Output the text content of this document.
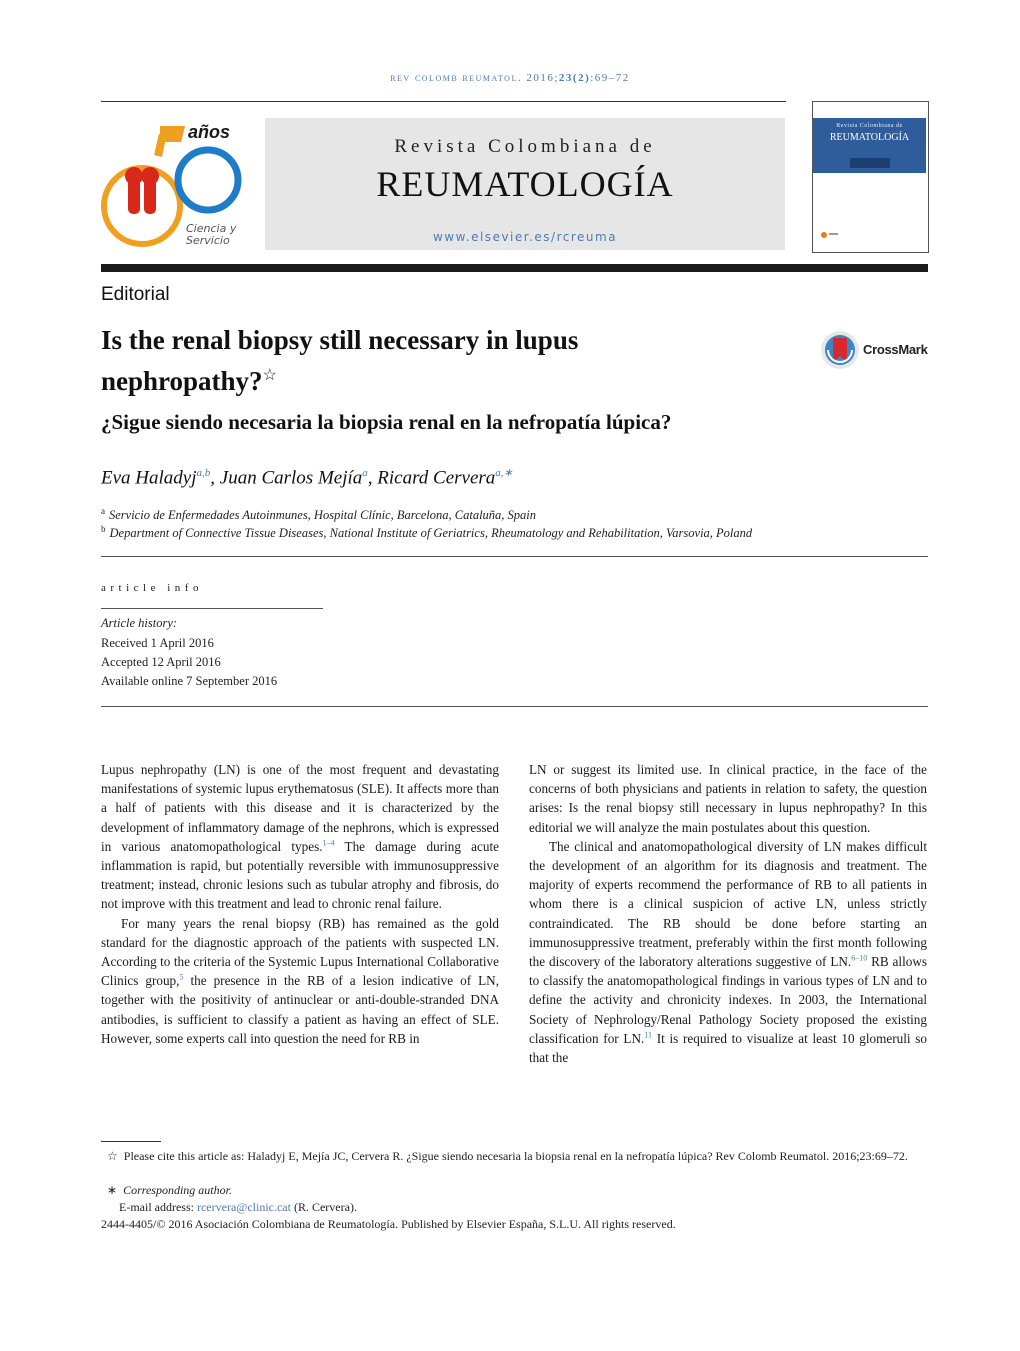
rev colomb reumatol. 2016;23(2):69–72
años
Ciencia y
Servicio
Revista Colombiana de
REUMATOLOGÍA
www.elsevier.es/rcreuma
Revista Colombiana de
REUMATOLOGÍA
Editorial
Is the renal biopsy still necessary in lupus nephropathy?☆
CrossMark
¿Sigue siendo necesaria la biopsia renal en la nefropatía lúpica?
Eva Haladyj$^{a,b}$, Juan Carlos Mejía$^a$, Ricard Cervera$^{a,∗}$
$^a$ Servicio de Enfermedades Autoinmunes, Hospital Clínic, Barcelona, Cataluña, Spain
$^b$ Department of Connective Tissue Diseases, National Institute of Geriatrics, Rheumatology and Rehabilitation, Varsovia, Poland
article info
Article history:
Received 1 April 2016
Accepted 12 April 2016
Available online 7 September 2016

Lupus nephropathy (LN) is one of the most frequent and devastating manifestations of systemic lupus erythematosus (SLE). It affects more than a half of patients with this disease and it is characterized by the development of inflammatory damage of the nephrons, which is expressed in various anatomopathological types.$^{1-4}$ The damage during acute inflammation is rapid, but potentially reversible with immunosuppressive treatment; instead, chronic lesions such as tubular atrophy and fibrosis, do not improve with this treatment and lead to chronic renal failure.

For many years the renal biopsy (RB) has remained as the gold standard for the diagnostic approach of the patients with suspected LN. According to the criteria of the Systemic Lupus International Collaborative Clinics group,$^5$ the presence in the RB of a lesion indicative of LN, together with the positivity of antinuclear or anti-double-stranded DNA antibodies, is sufficient to classify a patient as having an effect of SLE. However, some experts call into question the need for RB in

LN or suggest its limited use. In clinical practice, in the face of the concerns of both physicians and patients in relation to safety, the question arises: Is the renal biopsy still necessary in lupus nephropathy? In this editorial we will analyze the main postulates about this question.

The clinical and anatomopathological diversity of LN makes difficult the development of an algorithm for its diagnosis and treatment. The majority of experts recommend the performance of RB to all patients in whom there is a clinical suspicion of active LN, unless strictly contraindicated. The RB should be done before starting an immunosuppressive treatment, preferably within the first month following the discovery of the laboratory alterations suggestive of LN.$^{6-10}$ RB allows to classify the anatomopathological findings in various types of LN and to define the activity and chronicity indexes. In 2003, the International Society of Nephrology/Renal Pathology Society proposed the existing classification for LN.$^{11}$ It is required to visualize at least 10 glomeruli so that the

☆ Please cite this article as: Haladyj E, Mejía JC, Cervera R. ¿Sigue siendo necesaria la biopsia renal en la nefropatía lúpica? Rev Colomb Reumatol. 2016;23:69–72.
∗ Corresponding author.
E-mail address: rcervera@clinic.cat (R. Cervera).
2444-4405/© 2016 Asociación Colombiana de Reumatología. Published by Elsevier España, S.L.U. All rights reserved.
